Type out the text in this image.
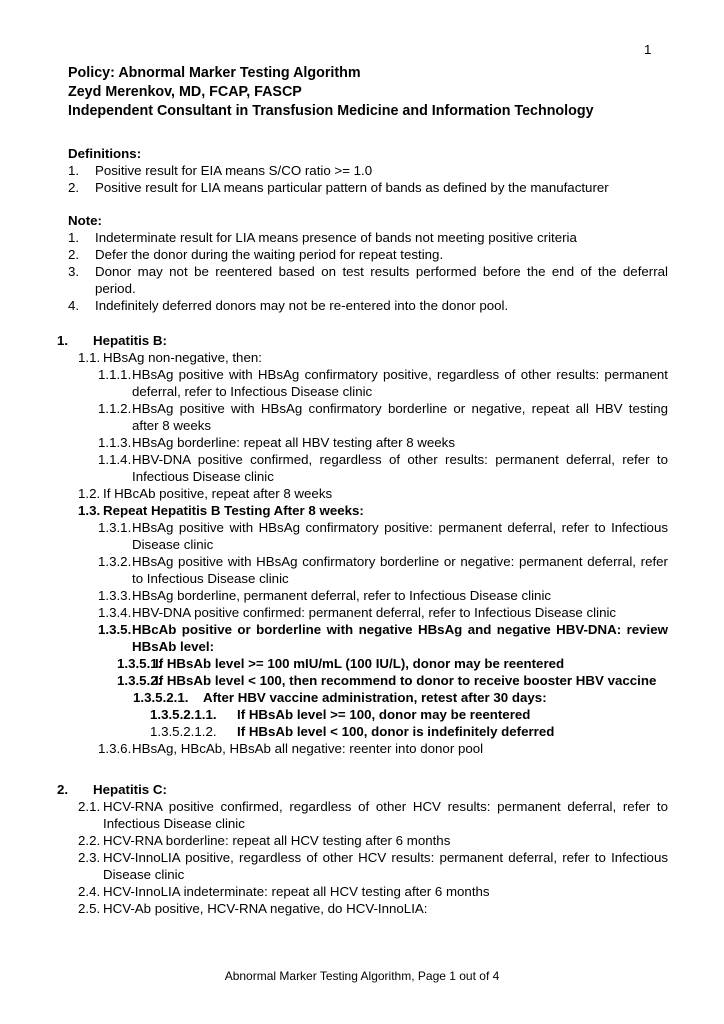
1
Policy: Abnormal Marker Testing Algorithm
Zeyd Merenkov, MD, FCAP, FASCP
Independent Consultant in Transfusion Medicine and Information Technology
Definitions:
1. Positive result for EIA means S/CO ratio >= 1.0
2. Positive result for LIA means particular pattern of bands as defined by the manufacturer
Note:
1. Indeterminate result for LIA means presence of bands not meeting positive criteria
2. Defer the donor during the waiting period for repeat testing.
3. Donor may not be reentered based on test results performed before the end of the deferral period.
4. Indefinitely deferred donors may not be re-entered into the donor pool.
1. Hepatitis B:
1.1. HBsAg non-negative, then:
1.1.1. HBsAg positive with HBsAg confirmatory positive, regardless of other results: permanent deferral, refer to Infectious Disease clinic
1.1.2. HBsAg positive with HBsAg confirmatory borderline or negative, repeat all HBV testing after 8 weeks
1.1.3. HBsAg borderline: repeat all HBV testing after 8 weeks
1.1.4. HBV-DNA positive confirmed, regardless of other results: permanent deferral, refer to Infectious Disease clinic
1.2. If HBcAb positive, repeat after 8 weeks
1.3. Repeat Hepatitis B Testing After 8 weeks:
1.3.1. HBsAg positive with HBsAg confirmatory positive: permanent deferral, refer to Infectious Disease clinic
1.3.2. HBsAg positive with HBsAg confirmatory borderline or negative: permanent deferral, refer to Infectious Disease clinic
1.3.3. HBsAg borderline, permanent deferral, refer to Infectious Disease clinic
1.3.4. HBV-DNA positive confirmed: permanent deferral, refer to Infectious Disease clinic
1.3.5. HBcAb positive or borderline with negative HBsAg and negative HBV-DNA: review HBsAb level:
1.3.5.1.
If HBsAb level >= 100 mIU/mL (100 IU/L), donor may be reentered
1.3.5.2.
If HBsAb level < 100, then recommend to donor to receive booster HBV vaccine
1.3.5.2.1. After HBV vaccine administration, retest after 30 days:
1.3.5.2.1.1. If HBsAb level >= 100, donor may be reentered
1.3.5.2.1.2. If HBsAb level < 100, donor is indefinitely deferred
1.3.6. HBsAg, HBcAb, HBsAb all negative: reenter into donor pool
2. Hepatitis C:
2.1. HCV-RNA positive confirmed, regardless of other HCV results: permanent deferral, refer to Infectious Disease clinic
2.2. HCV-RNA borderline: repeat all HCV testing after 6 months
2.3. HCV-InnoLIA positive, regardless of other HCV results: permanent deferral, refer to Infectious Disease clinic
2.4. HCV-InnoLIA indeterminate: repeat all HCV testing after 6 months
2.5. HCV-Ab positive, HCV-RNA negative, do HCV-InnoLIA:
Abnormal Marker Testing Algorithm, Page 1 out of 4
